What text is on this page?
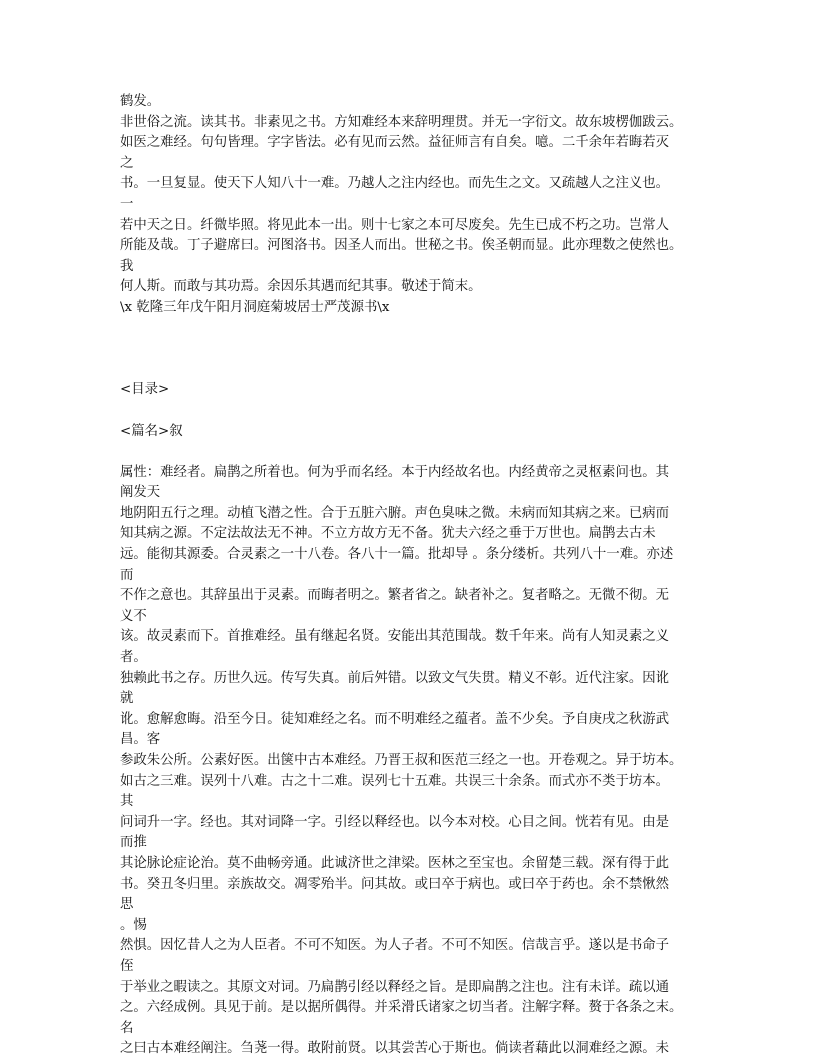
鹤发。
非世俗之流。读其书。非素见之书。方知难经本来辞明理贯。并无一字衍文。故东坡楞伽跋云。
如医之难经。句句皆理。字字皆法。必有见而云然。益征师言有自矣。噫。二千余年若晦若灭
之
书。一旦复显。使天下人知八十一难。乃越人之注内经也。而先生之文。又疏越人之注义也。
一
若中天之日。纤微毕照。将见此本一出。则十七家之本可尽废矣。先生已成不朽之功。岂常人
所能及哉。丁子避席曰。河图洛书。因圣人而出。世秘之书。俟圣朝而显。此亦理数之使然也。
我
何人斯。而敢与其功焉。余因乐其遇而纪其事。敬述于简末。
\x 乾隆三年戊午阳月洞庭菊坡居士严茂源书\x
<目录>
<篇名>叙
属性：难经者。扁鹊之所着也。何为乎而名经。本于内经故名也。内经黄帝之灵枢素问也。其
阐发天
地阴阳五行之理。动植飞潜之性。合于五脏六腑。声色臭味之微。未病而知其病之来。已病而
知其病之源。不定法故法无不神。不立方故方无不备。犹夫六经之垂于万世也。扁鹊去古未
远。能彻其源委。合灵素之一十八卷。各八十一篇。批却导 。条分缕析。共列八十一难。亦述
而
不作之意也。其辞虽出于灵素。而晦者明之。繁者省之。缺者补之。复者略之。无微不彻。无
义不
该。故灵素而下。首推难经。虽有继起名贤。安能出其范围哉。数千年来。尚有人知灵素之义
者。
独赖此书之存。历世久远。传写失真。前后舛错。以致文气失贯。精义不彰。近代注家。因讹
就
讹。愈解愈晦。沿至今日。徒知难经之名。而不明难经之蕴者。盖不少矣。予自庚戌之秋游武
昌。客
参政朱公所。公素好医。出箧中古本难经。乃晋王叔和医范三经之一也。开卷观之。异于坊本。
如古之三难。误列十八难。古之十二难。误列七十五难。共误三十余条。而式亦不类于坊本。
其
问词升一字。经也。其对词降一字。引经以释经也。以今本对校。心目之间。恍若有见。由是
而推
其论脉论症论治。莫不曲畅旁通。此诚济世之津梁。医林之至宝也。余留楚三载。深有得于此
书。癸丑冬归里。亲族故交。凋零殆半。问其故。或曰卒于病也。或曰卒于药也。余不禁愀然
思
。惕
然惧。因忆昔人之为人臣者。不可不知医。为人子者。不可不知医。信哉言乎。遂以是书命子
侄
于举业之暇读之。其原文对词。乃扁鹊引经以释经之旨。是即扁鹊之注也。注有未详。疏以通
之。六经成例。具见于前。是以据所偶得。并采滑氏诸家之切当者。注解字释。赘于各条之末。
名
之曰古本难经阐注。刍荛一得。敢附前贤。以其尝苦心于斯也。倘读者藉此以洞难经之源。未
